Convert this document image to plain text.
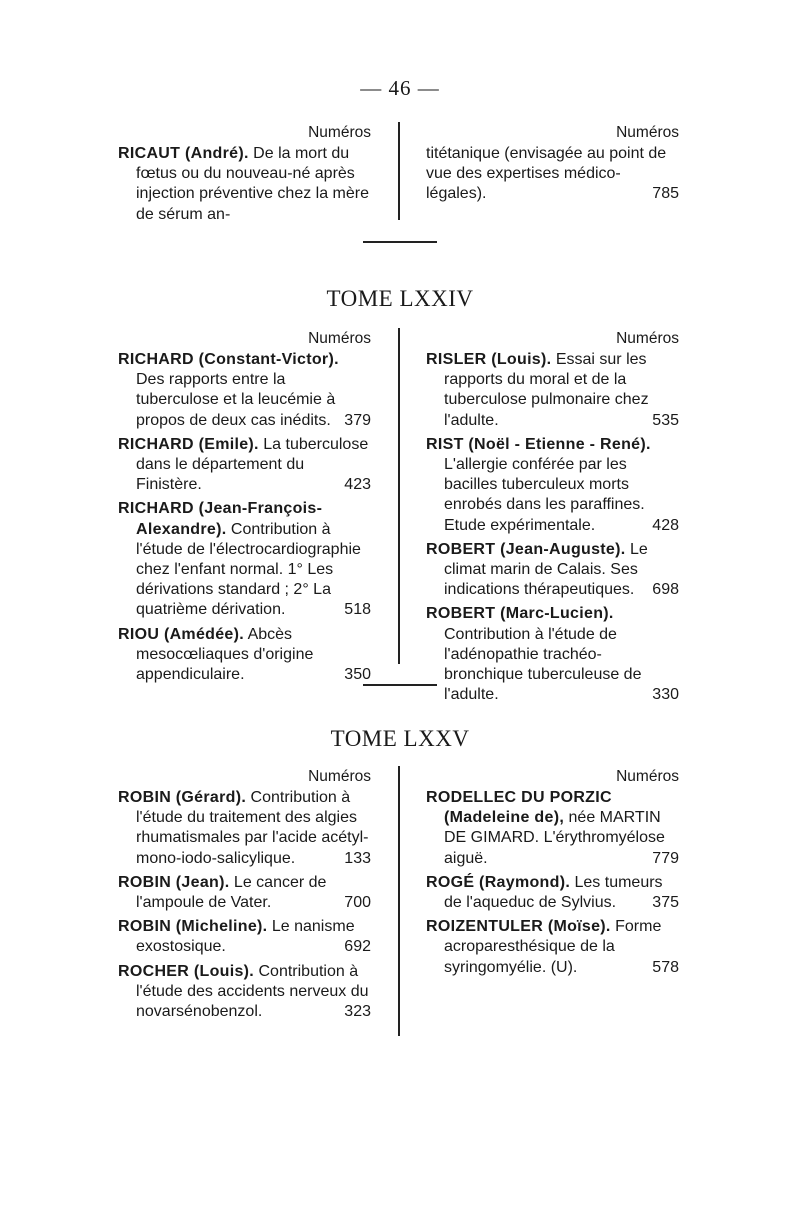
— 46 —
Numéros
RICAUT (André). De la mort du fœtus ou du nouveau-né après injection préventive chez la mère de sérum an-
Numéros
titétanique (envisagée au point de vue des expertises médico-légales).	785
TOME LXXIV
Numéros
RICHARD (Constant-Victor). Des rapports entre la tuberculose et la leucémie à propos de deux cas inédits. 379
RICHARD (Emile). La tuberculose dans le département du Finistère.	423
RICHARD (Jean-François-Alexandre). Contribution à l'étude de l'électrocardiographie chez l'enfant normal. 1° Les dérivations standard ; 2° La quatrième dérivation.	518
RIOU (Amédée). Abcès mesocœliaques d'origine appendiculaire.	350
Numéros
RISLER (Louis). Essai sur les rapports du moral et de la tuberculose pulmonaire chez l'adulte.	535
RIST (Noël - Etienne - René). L'allergie conférée par les bacilles tuberculeux morts enrobés dans les paraffines. Etude expérimentale.	428
ROBERT (Jean-Auguste). Le climat marin de Calais. Ses indications thérapeutiques. 698
ROBERT (Marc-Lucien). Contribution à l'étude de l'adénopathie trachéo-bronchique tuberculeuse de l'adulte.	330
TOME LXXV
Numéros
ROBIN (Gérard). Contribution à l'étude du traitement des algies rhumatismales par l'acide acétyl-mono-iodo-salicylique.	133
ROBIN (Jean). Le cancer de l'ampoule de Vater.	700
ROBIN (Micheline). Le nanisme exostosique.	692
ROCHER (Louis). Contribution à l'étude des accidents nerveux du novarsénobenzol.	323
Numéros
RODELLEC DU PORZIC (Madeleine de), née MARTIN DE GIMARD. L'érythromyélose aiguë.	779
ROGÉ (Raymond). Les tumeurs de l'aqueduc de Sylvius. 375
ROIZENTULER (Moïse). Forme acroparesthésique de la syringomyélie. (U).	578
